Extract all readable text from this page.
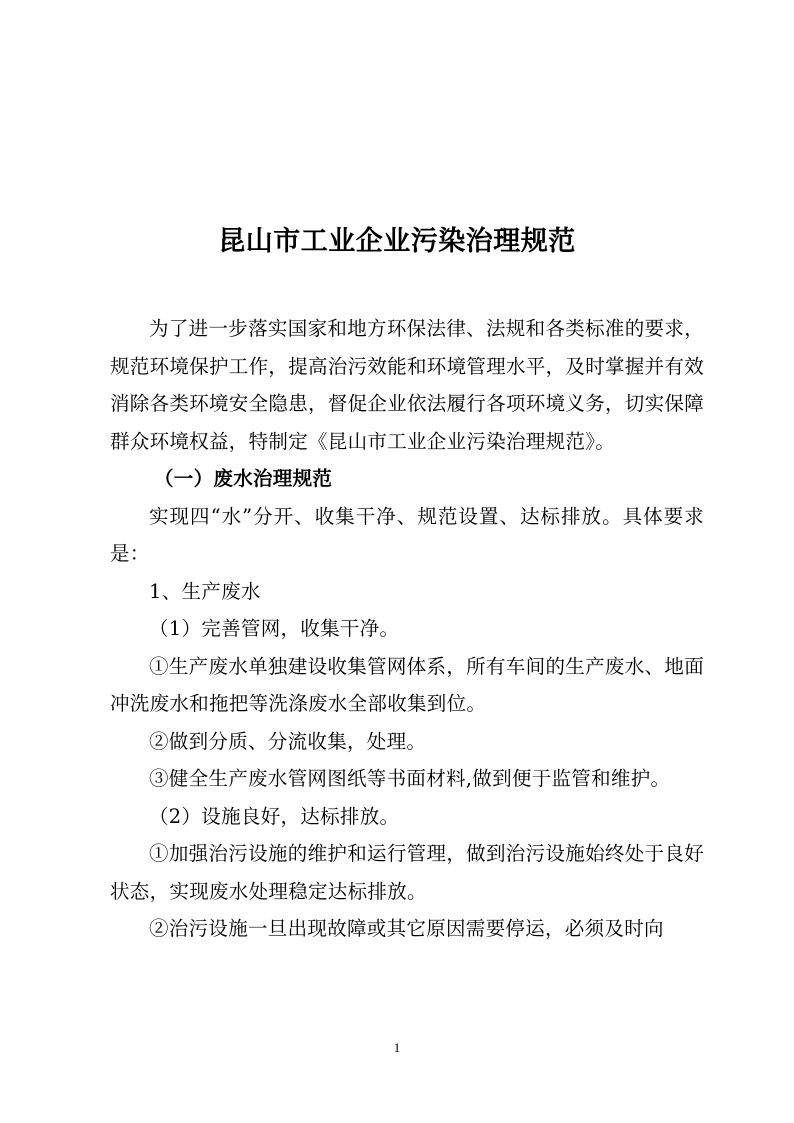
昆山市工业企业污染治理规范

为了进一步落实国家和地方环保法律、法规和各类标准的要求，规范环境保护工作，提高治污效能和环境管理水平，及时掌握并有效消除各类环境安全隐患，督促企业依法履行各项环境义务，切实保障群众环境权益，特制定《昆山市工业企业污染治理规范》。

（一）废水治理规范

实现四“水”分开、收集干净、规范设置、达标排放。具体要求是：

1、生产废水

（1）完善管网，收集干净。

①生产废水单独建设收集管网体系，所有车间的生产废水、地面冲洗废水和拖把等洗涤废水全部收集到位。

②做到分质、分流收集，处理。

③健全生产废水管网图纸等书面材料,做到便于监管和维护。

（2）设施良好，达标排放。

①加强治污设施的维护和运行管理，做到治污设施始终处于良好状态，实现废水处理稳定达标排放。

②治污设施一旦出现故障或其它原因需要停运，必须及时向

1
